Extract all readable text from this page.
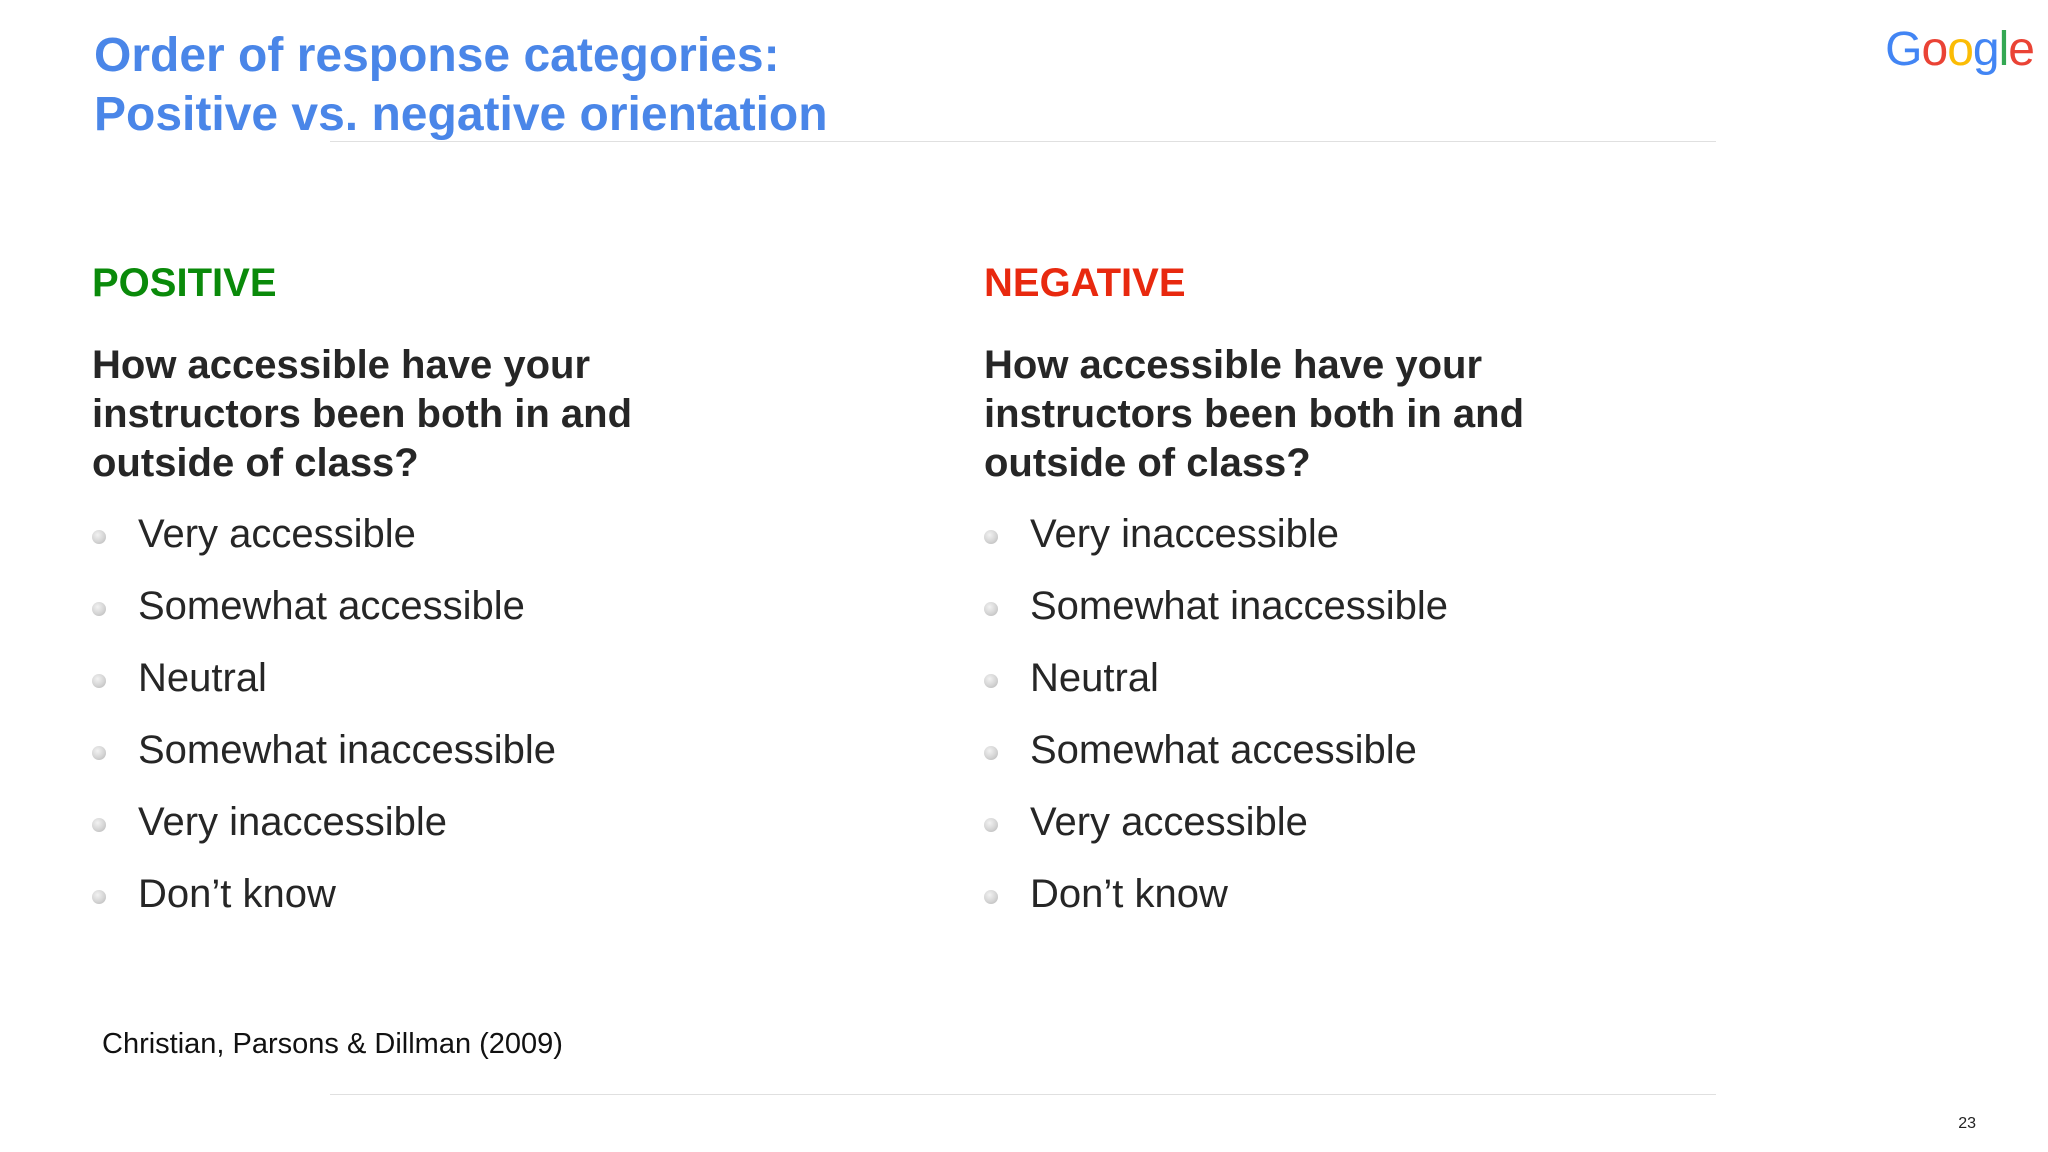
Order of response categories:
Positive vs. negative orientation
Google
POSITIVE
How accessible have your
instructors been both in and
outside of class?
Very accessible
Somewhat accessible
Neutral
Somewhat inaccessible
Very inaccessible
Don’t know
NEGATIVE
How accessible have your
instructors been both in and
outside of class?
Very inaccessible
Somewhat inaccessible
Neutral
Somewhat accessible
Very accessible
Don’t know
Christian, Parsons & Dillman (2009)
23
